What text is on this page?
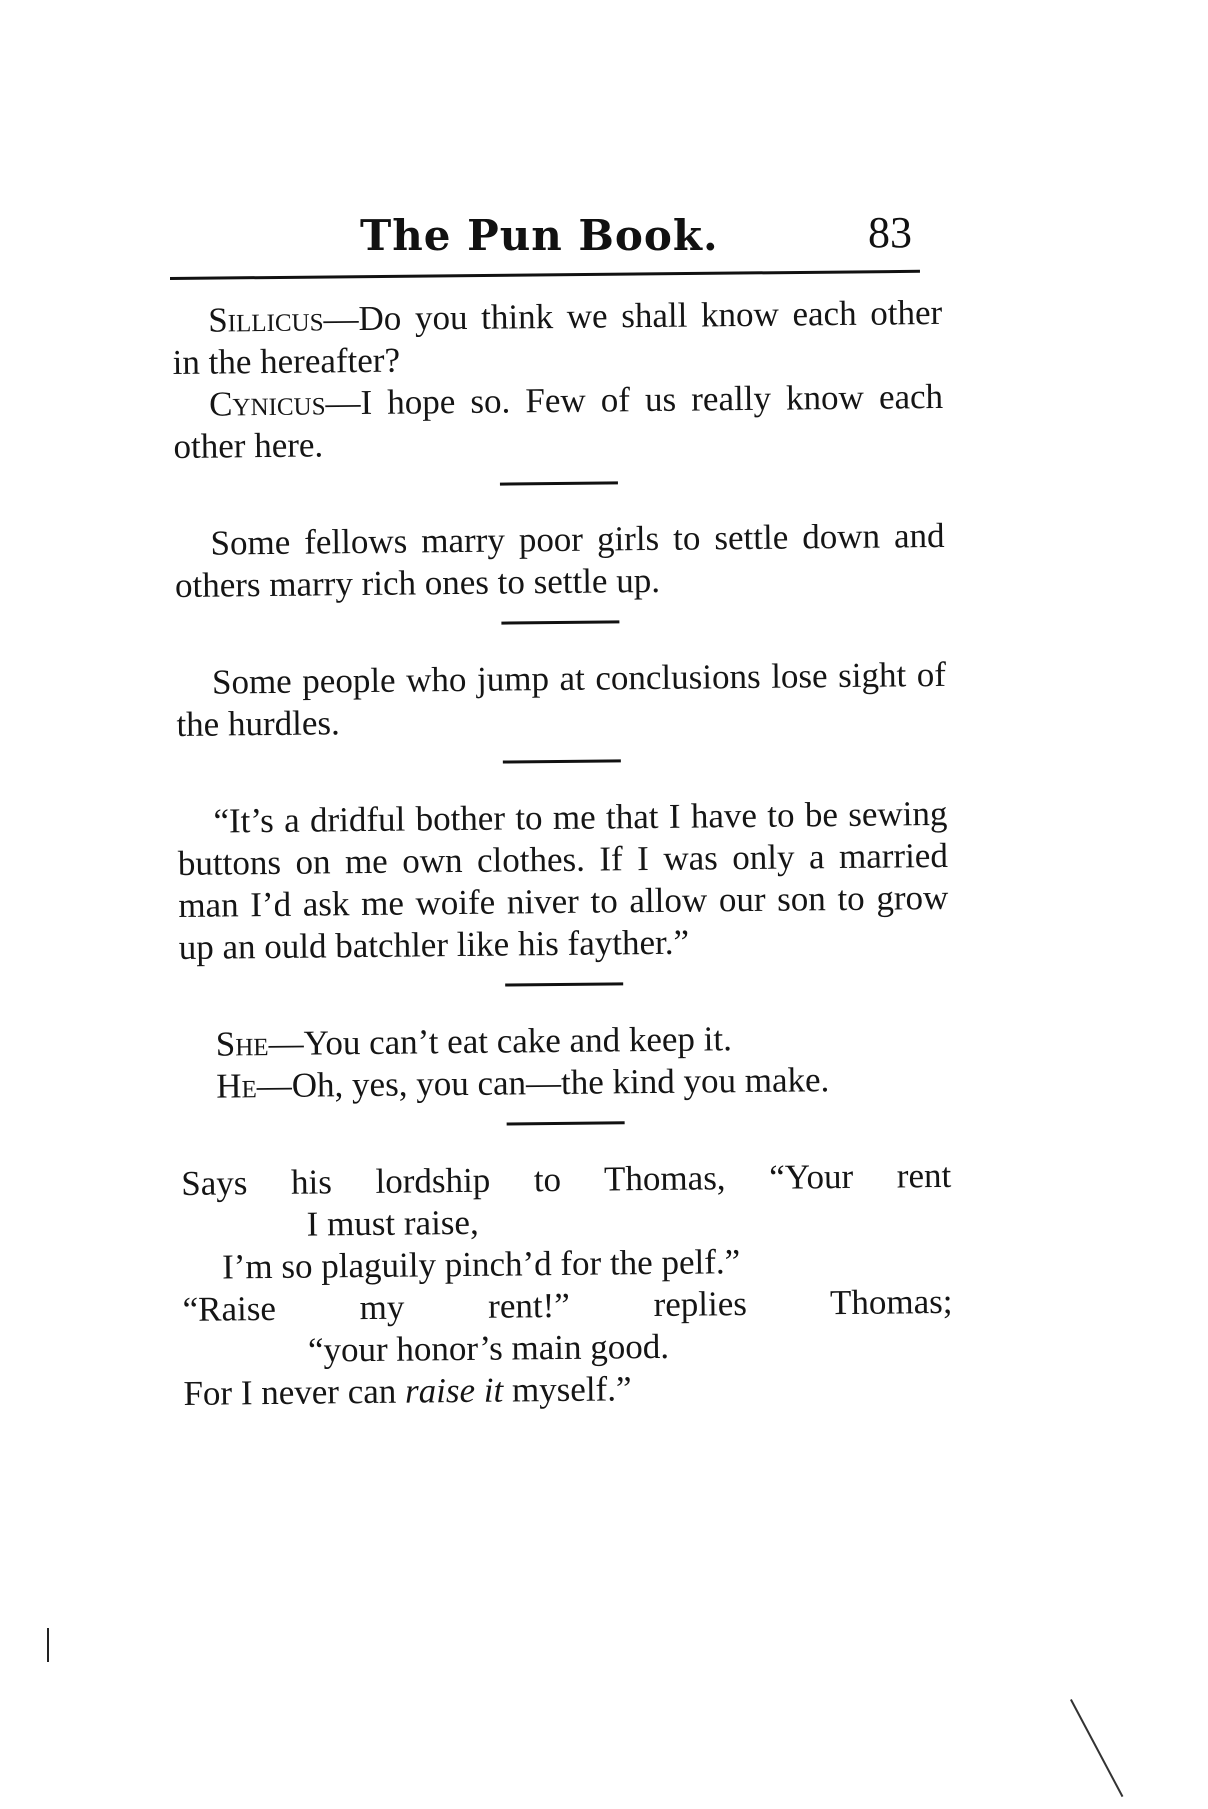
The Pun Book.	83

Sillicus—Do you think we shall know each other in the hereafter?

Cynicus—I hope so. Few of us really know each other here.

Some fellows marry poor girls to settle down and others marry rich ones to settle up.

Some people who jump at conclusions lose sight of the hurdles.

“It’s a dridful bother to me that I have to be sewing buttons on me own clothes. If I was only a married man I’d ask me woife niver to allow our son to grow up an ould batchler like his fayther.”

She—You can’t eat cake and keep it.

He—Oh, yes, you can—the kind you make.

Says his lordship to Thomas, “Your rent

I must raise,

I’m so plaguily pinch’d for the pelf.”

“Raise my rent!” replies Thomas;

“your honor’s main good.

For I never can raise it myself.”
